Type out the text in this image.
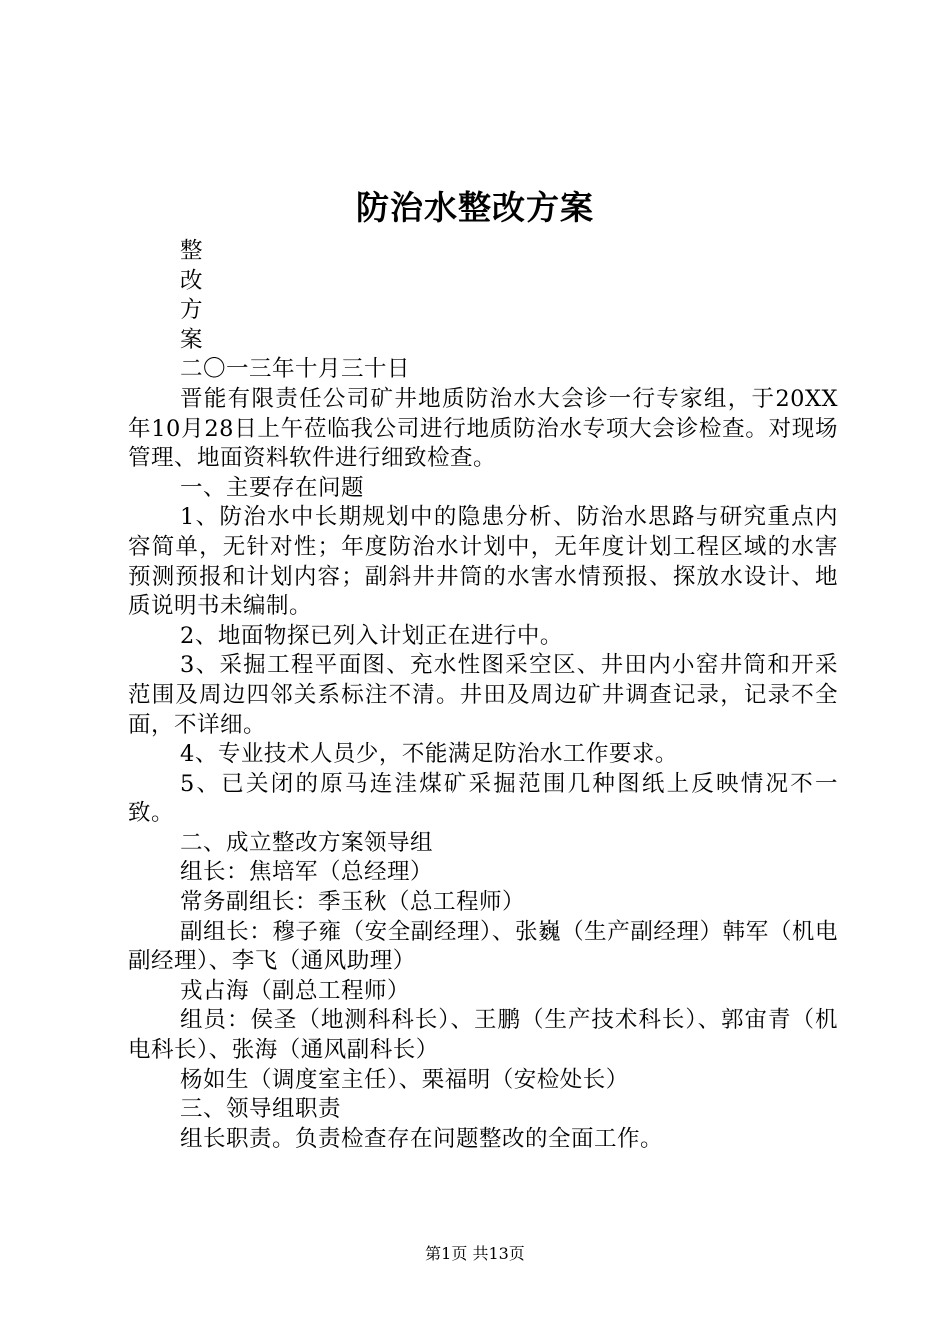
防治水整改方案

整

改

方

案

二〇一三年十月三十日

晋能有限责任公司矿井地质防治水大会诊一行专家组，于20XX年10月28日上午莅临我公司进行地质防治水专项大会诊检查。对现场管理、地面资料软件进行细致检查。

一、主要存在问题

1、防治水中长期规划中的隐患分析、防治水思路与研究重点内容简单，无针对性；年度防治水计划中，无年度计划工程区域的水害预测预报和计划内容；副斜井井筒的水害水情预报、探放水设计、地质说明书未编制。

2、地面物探已列入计划正在进行中。

3、采掘工程平面图、充水性图采空区、井田内小窑井筒和开采范围及周边四邻关系标注不清。井田及周边矿井调查记录，记录不全面，不详细。

4、专业技术人员少，不能满足防治水工作要求。

5、已关闭的原马连洼煤矿采掘范围几种图纸上反映情况不一致。

二、成立整改方案领导组

组长：焦培军（总经理）

常务副组长：季玉秋（总工程师）

副组长：穆子雍（安全副经理）、张巍（生产副经理）韩军（机电副经理）、李飞（通风助理）

戎占海（副总工程师）

组员：侯圣（地测科科长）、王鹏（生产技术科长）、郭宙青（机电科长）、张海（通风副科长）

杨如生（调度室主任）、栗福明（安检处长）

三、领导组职责

组长职责。负责检查存在问题整改的全面工作。

第1页 共13页
